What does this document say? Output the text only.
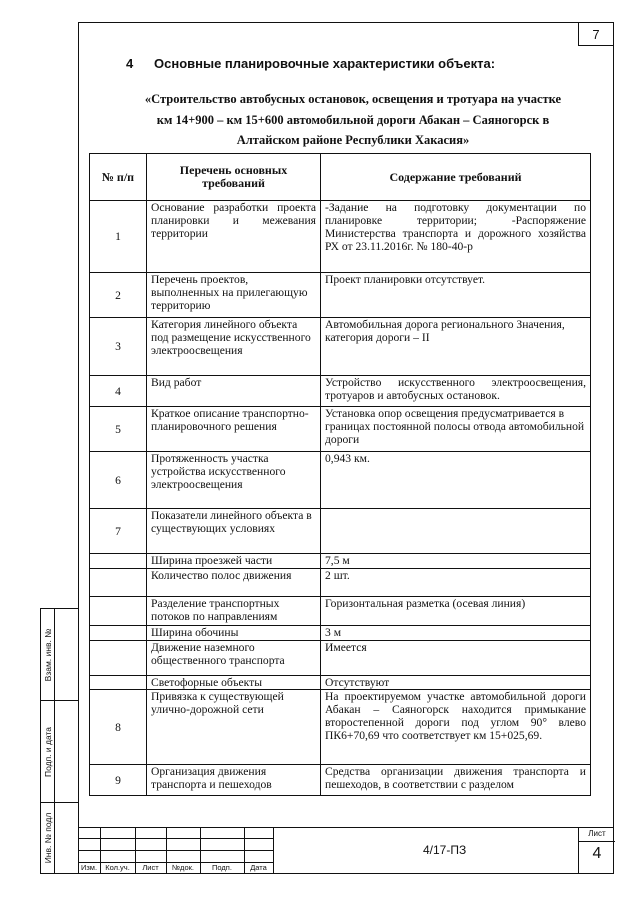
7
4 Основные планировочные характеристики объекта:
«Строительство автобусных остановок, освещения и тротуара на участке
км 14+900 – км 15+600 автомобильной дороги Абакан – Саяногорск в
Алтайском районе Республики Хакасия»
№ п/п	Перечень основных требований	Содержание требований
1	Основание разработки проекта планировки и межевания территории	-Задание на подготовку документации по планировке территории; -Распоряжение Министерства транспорта и дорожного хозяйства РХ от 23.11.2016г. № 180-40-р
2	Перечень проектов, выполненных на прилегающую территорию	Проект планировки отсутствует.
3	Категория линейного объекта под размещение искусственного электроосвещения	Автомобильная дорога регионального Значения, категория дороги – II
4	Вид работ	Устройство искусственного электроосвещения, тротуаров и автобусных остановок.
5	Краткое описание транспортно-планировочного решения	Установка опор освещения предусматривается в границах постоянной полосы отвода автомобильной дороги
6	Протяженность участка устройства искусственного электроосвещения	0,943 км.
7	Показатели линейного объекта в существующих условиях	
	Ширина проезжей части	7,5 м
	Количество полос движения	2 шт.
	Разделение транспортных потоков по направлениям	Горизонтальная разметка (осевая линия)
	Ширина обочины	3 м
	Движение наземного общественного транспорта	Имеется
	Светофорные объекты	Отсутствуют
8	Привязка к существующей улично-дорожной сети	На проектируемом участке автомобильной дороги Абакан – Саяногорск находится примыкание второстепенной дороги под углом 90° влево ПК6+70,69 что соответствует км 15+025,69.
9	Организация движения транспорта и пешеходов	Средства организации движения транспорта и пешеходов, в соответствии с разделом
Взам. инв. №
Подп. и дата
Инв. № подл
Изм.	Кол.уч.	Лист	№док.	Подп.	Дата
4/17-ПЗ
Лист
4
